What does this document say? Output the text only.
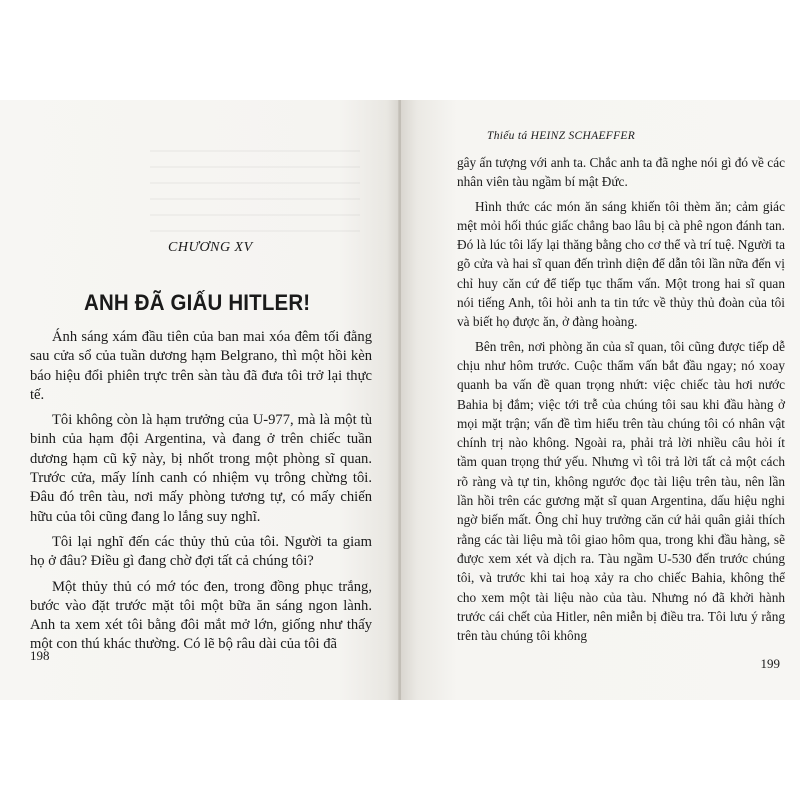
CHƯƠNG XV
ANH ĐÃ GIẤU HITLER!

Ánh sáng xám đầu tiên của ban mai xóa đêm tối đằng sau cửa sổ của tuần dương hạm Belgrano, thì một hồi kèn báo hiệu đổi phiên trực trên sàn tàu đã đưa tôi trở lại thực tế.

Tôi không còn là hạm trưởng của U-977, mà là một tù binh của hạm đội Argentina, và đang ở trên chiếc tuần dương hạm cũ kỹ này, bị nhốt trong một phòng sĩ quan. Trước cửa, mấy lính canh có nhiệm vụ trông chừng tôi. Đâu đó trên tàu, nơi mấy phòng tương tự, có mấy chiến hữu của tôi cũng đang lo lắng suy nghĩ.

Tôi lại nghĩ đến các thủy thủ của tôi. Người ta giam họ ở đâu? Điều gì đang chờ đợi tất cả chúng tôi?

Một thủy thủ có mớ tóc đen, trong đồng phục trắng, bước vào đặt trước mặt tôi một bữa ăn sáng ngon lành. Anh ta xem xét tôi bằng đôi mắt mở lớn, giống như thấy một con thú khác thường. Có lẽ bộ râu dài của tôi đã

198
Thiếu tá HEINZ SCHAEFFER

gây ấn tượng với anh ta. Chắc anh ta đã nghe nói gì đó về các nhân viên tàu ngầm bí mật Đức.

Hình thức các món ăn sáng khiến tôi thèm ăn; cảm giác mệt mỏi hối thúc giấc chẳng bao lâu bị cà phê ngon đánh tan. Đó là lúc tôi lấy lại thăng bằng cho cơ thể và trí tuệ. Người ta gõ cửa và hai sĩ quan đến trình diện để dẫn tôi lần nữa đến vị chỉ huy căn cứ để tiếp tục thẩm vấn. Một trong hai sĩ quan nói tiếng Anh, tôi hỏi anh ta tin tức về thủy thủ đoàn của tôi và biết họ được ăn, ở đàng hoàng.

Bên trên, nơi phòng ăn của sĩ quan, tôi cũng được tiếp dễ chịu như hôm trước. Cuộc thẩm vấn bắt đầu ngay; nó xoay quanh ba vấn đề quan trọng nhứt: việc chiếc tàu hơi nước Bahia bị đắm; việc tới trễ của chúng tôi sau khi đầu hàng ở mọi mặt trận; vấn đề tìm hiểu trên tàu chúng tôi có nhân vật chính trị nào không. Ngoài ra, phải trả lời nhiều câu hỏi ít tầm quan trọng thứ yếu. Nhưng vì tôi trả lời tất cả một cách rõ ràng và tự tin, không ngước đọc tài liệu trên tàu, nên lần lần hồi trên các gương mặt sĩ quan Argentina, dấu hiệu nghi ngờ biến mất. Ông chỉ huy trưởng căn cứ hải quân giải thích rằng các tài liệu mà tôi giao hôm qua, trong khi đầu hàng, sẽ được xem xét và dịch ra. Tàu ngầm U-530 đến trước chúng tôi, và trước khi tai hoạ xảy ra cho chiếc Bahia, không thể cho xem một tài liệu nào của tàu. Nhưng nó đã khởi hành trước cái chết của Hitler, nên miễn bị điều tra. Tôi lưu ý rằng trên tàu chúng tôi không

199
